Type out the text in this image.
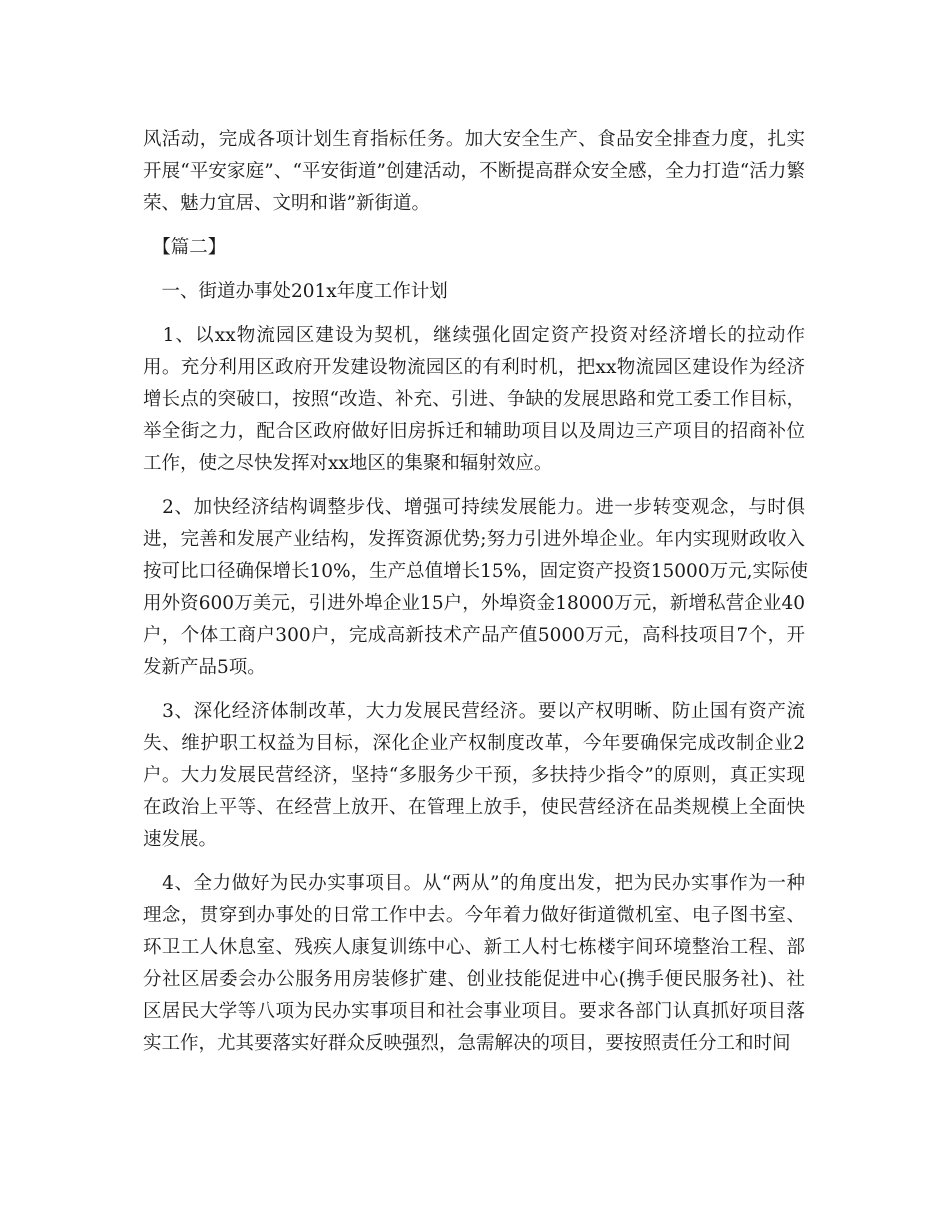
风活动，完成各项计划生育指标任务。加大安全生产、食品安全排查力度，扎实
开展“平安家庭”、“平安街道”创建活动，不断提高群众安全感，全力打造“活力繁
荣、魅力宜居、文明和谐”新街道。
　【篇二】
　一、街道办事处201x年度工作计划
　1、以xx物流园区建设为契机，继续强化固定资产投资对经济增长的拉动作
用。充分利用区政府开发建设物流园区的有利时机，把xx物流园区建设作为经济
增长点的突破口，按照“改造、补充、引进、争缺的发展思路和党工委工作目标，
举全街之力，配合区政府做好旧房拆迁和辅助项目以及周边三产项目的招商补位
工作，使之尽快发挥对xx地区的集聚和辐射效应。
　2、加快经济结构调整步伐、增强可持续发展能力。进一步转变观念，与时俱
进，完善和发展产业结构，发挥资源优势;努力引进外埠企业。年内实现财政收入
按可比口径确保增长10%，生产总值增长15%，固定资产投资15000万元,实际使
用外资600万美元，引进外埠企业15户，外埠资金18000万元，新增私营企业40
户，个体工商户300户，完成高新技术产品产值5000万元，高科技项目7个，开
发新产品5项。
　3、深化经济体制改革，大力发展民营经济。要以产权明晰、防止国有资产流
失、维护职工权益为目标，深化企业产权制度改革，今年要确保完成改制企业2
户。大力发展民营经济，坚持“多服务少干预，多扶持少指令”的原则，真正实现
在政治上平等、在经营上放开、在管理上放手，使民营经济在品类规模上全面快
速发展。
　4、全力做好为民办实事项目。从“两从”的角度出发，把为民办实事作为一种
理念，贯穿到办事处的日常工作中去。今年着力做好街道微机室、电子图书室、
环卫工人休息室、残疾人康复训练中心、新工人村七栋楼宇间环境整治工程、部
分社区居委会办公服务用房装修扩建、创业技能促进中心(携手便民服务社)、社
区居民大学等八项为民办实事项目和社会事业项目。要求各部门认真抓好项目落
实工作，尤其要落实好群众反映强烈，急需解决的项目，要按照责任分工和时间
